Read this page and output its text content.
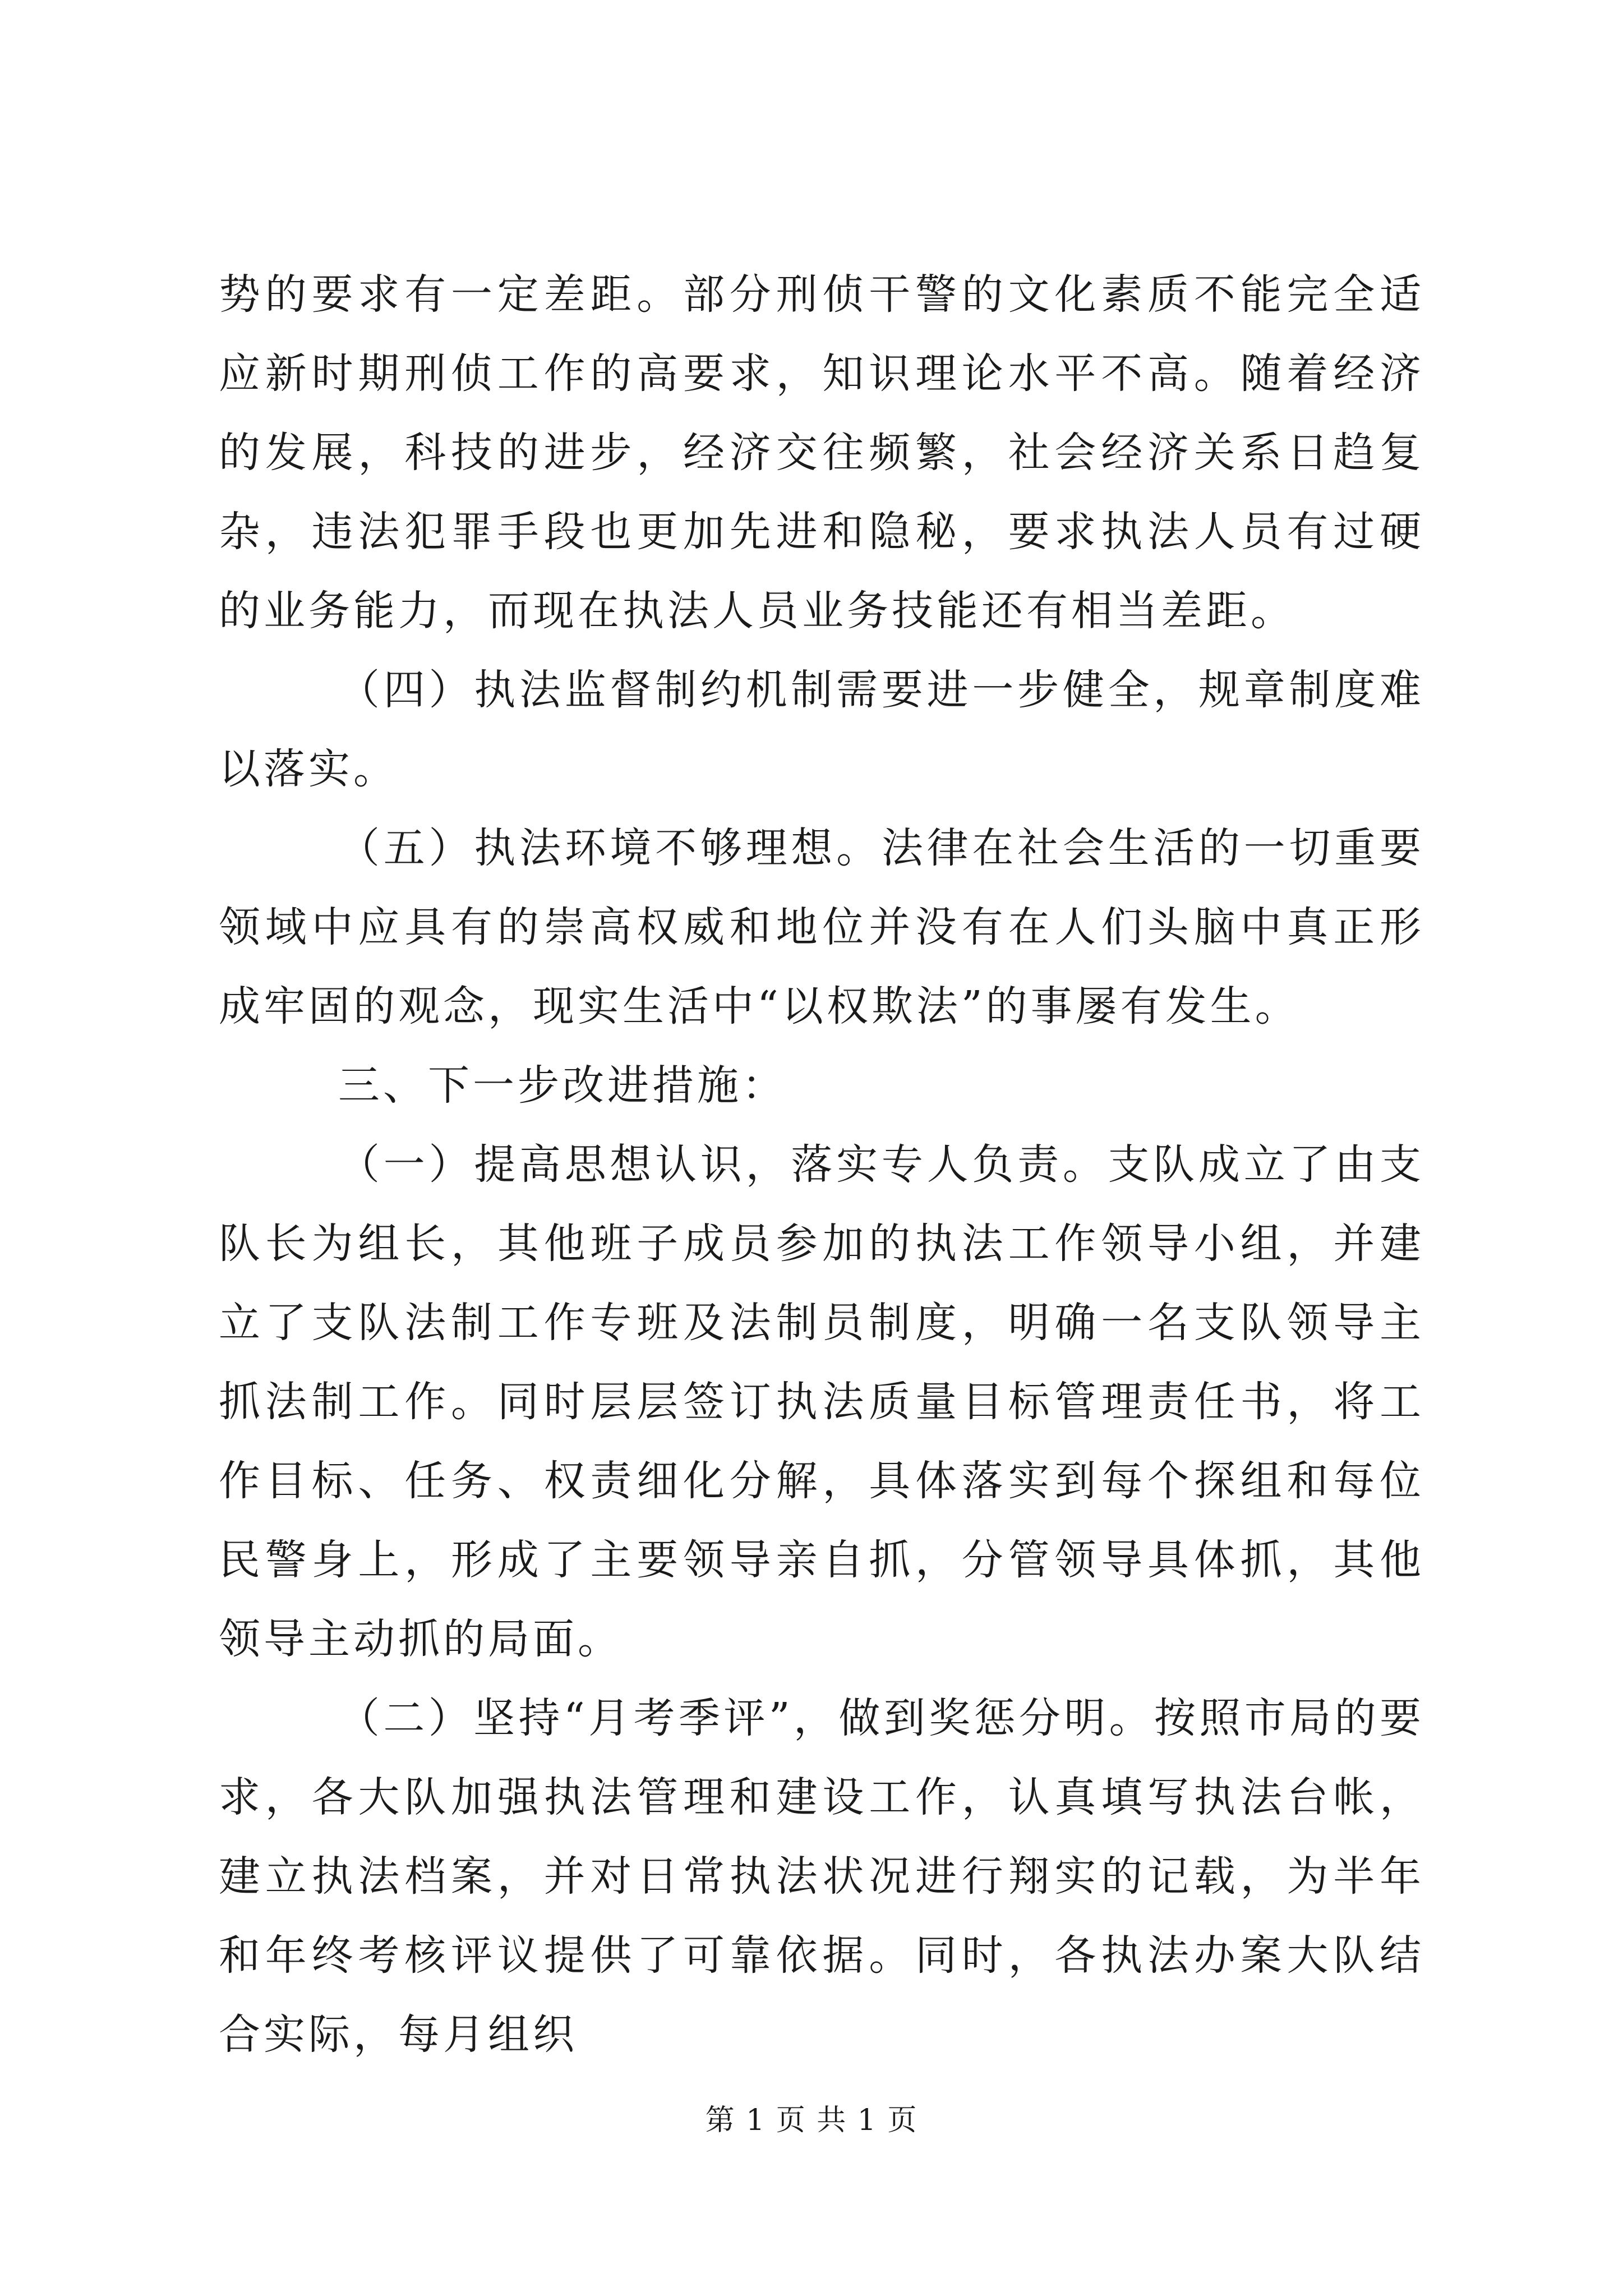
势的要求有一定差距。部分刑侦干警的文化素质不能完全适应新时期刑侦工作的高要求，知识理论水平不高。随着经济的发展，科技的进步，经济交往频繁，社会经济关系日趋复杂，违法犯罪手段也更加先进和隐秘，要求执法人员有过硬的业务能力，而现在执法人员业务技能还有相当差距。

（四）执法监督制约机制需要进一步健全，规章制度难以落实。

（五）执法环境不够理想。法律在社会生活的一切重要领域中应具有的崇高权威和地位并没有在人们头脑中真正形成牢固的观念，现实生活中“以权欺法”的事屡有发生。

三、下一步改进措施：

（一）提高思想认识，落实专人负责。支队成立了由支队长为组长，其他班子成员参加的执法工作领导小组，并建立了支队法制工作专班及法制员制度，明确一名支队领导主抓法制工作。同时层层签订执法质量目标管理责任书，将工作目标、任务、权责细化分解，具体落实到每个探组和每位民警身上，形成了主要领导亲自抓，分管领导具体抓，其他领导主动抓的局面。

（二）坚持“月考季评”，做到奖惩分明。按照市局的要求，各大队加强执法管理和建设工作，认真填写执法台帐，建立执法档案，并对日常执法状况进行翔实的记载，为半年和年终考核评议提供了可靠依据。同时，各执法办案大队结合实际，每月组织

第 1 页 共 1 页
